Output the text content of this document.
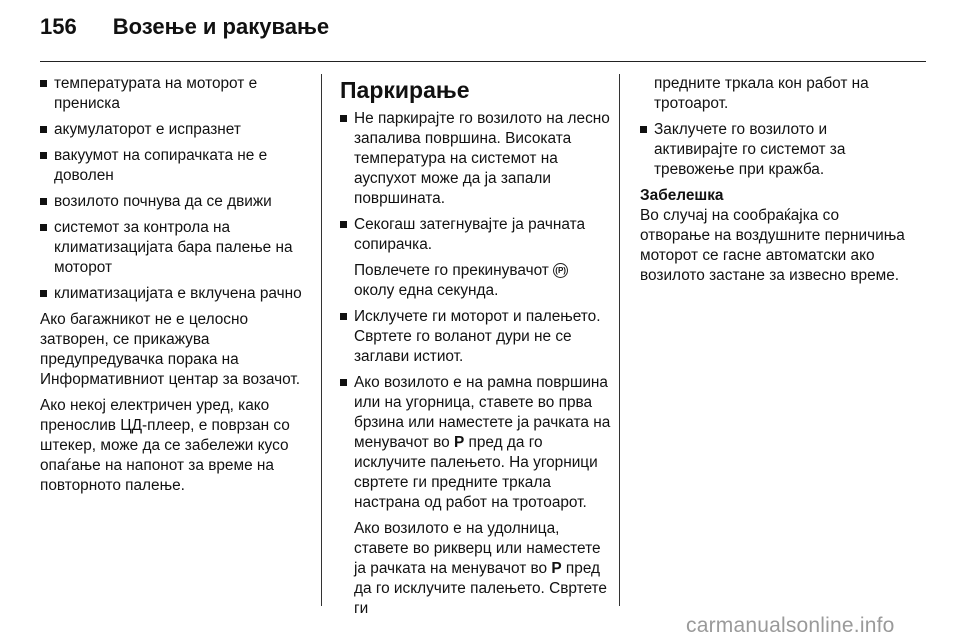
156 Возење и ракување
температурата на моторот е прениска
акумулаторот е испразнет
вакуумот на сопирачката не е доволен
возилото почнува да се движи
системот за контрола на климатизацијата бара палење на моторот
климатизацијата е вклучена рачно

Ако багажникот не е целосно затворен, се прикажува предупредувачка порака на Информативниот центар за возачот.

Ако некој електричен уред, како пренослив ЦД-плеер, е поврзан со штекер, може да се забележи кусо опаѓање на напонот за време на повторното палење.

Паркирање
Не паркирајте го возилото на лесно запалива површина. Високата температура на системот на ауспухот може да ја запали површината.
Секогаш затегнувајте ја рачната сопирачка.

Повлечете го прекинувачот (P) околу една секунда.

Исклучете ги моторот и палењето. Свртете го воланот дури не се заглави истиот.
Ако возилото е на рамна површина или на угорница, ставете во прва брзина или наместете ја рачката на менувачот во P пред да го исклучите палењето. На угорници свртете ги предните тркала настрана од работ на тротоарот.

Ако возилото е на удолница, ставете во рикверц или наместете ја рачката на менувачот во P пред да го исклучите палењето. Свртете ги

предните тркала кон работ на тротоарот.

Заклучете го возилото и активирајте го системот за тревожење при кражба.
Забелешка

Во случај на сообраќајка со отворање на воздушните перничиња моторот се гасне автоматски ако возилото застане за извесно време.

carmanualsonline.info
